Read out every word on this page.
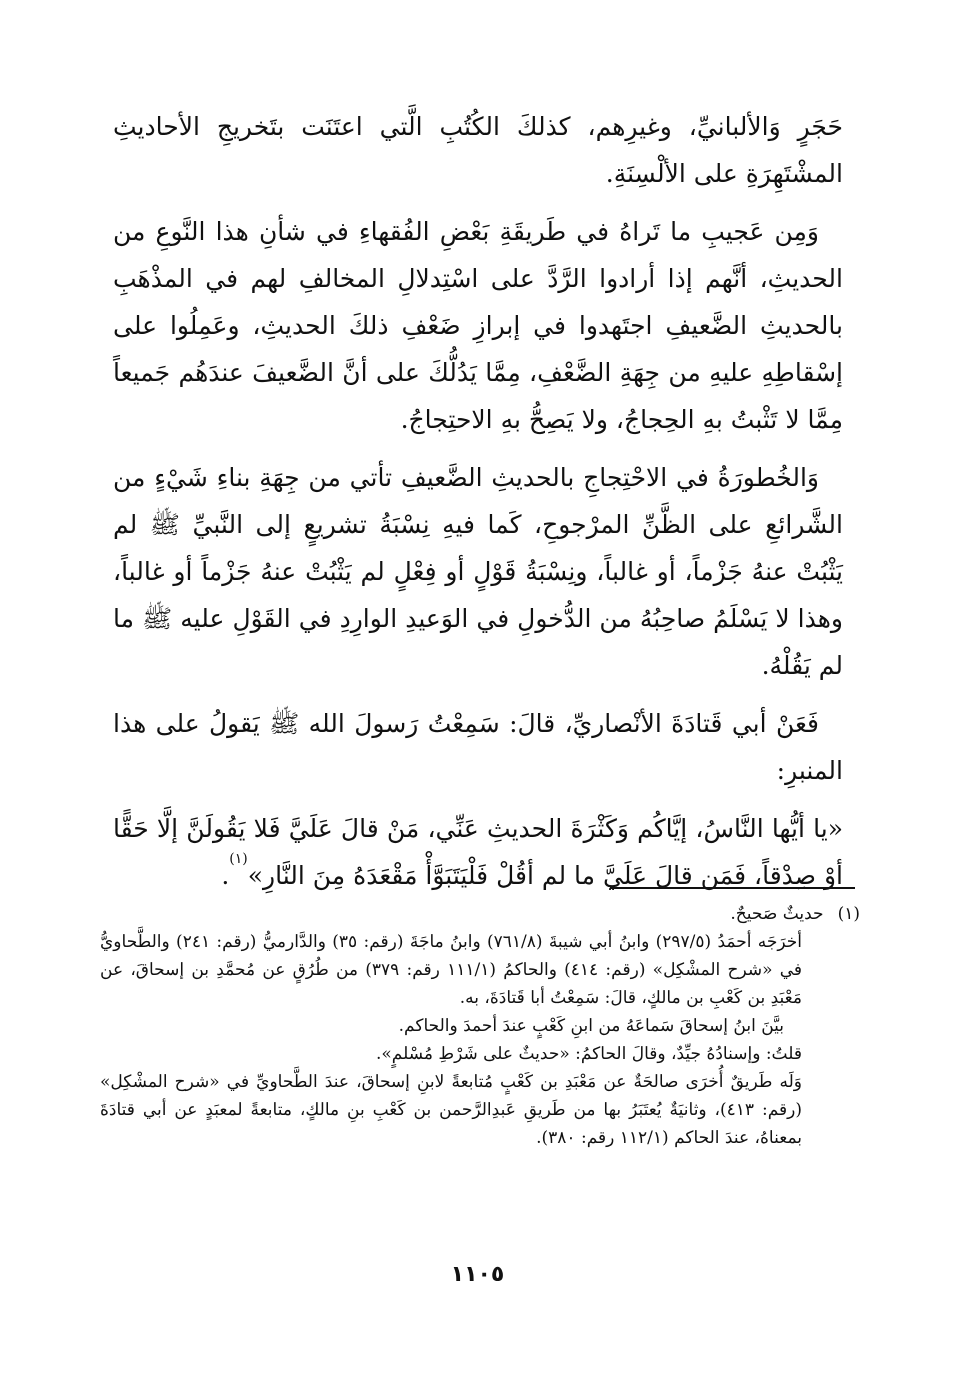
حَجَرٍ وَالألبانيِّ، وغيرِهم، كذلكَ الكُتُبِ الَّتي اعتَنَت بتَخريجِ الأحاديثِ المشْتَهِرَةِ على الألْسِنَةِ.

وَمِن عَجيبِ ما تَراهُ في طَريقَةِ بَعْضِ الفُقهاءِ في شأنِ هذا النَّوعِ من الحديثِ، أنَّهم إذا أرادوا الرَّدَّ على اسْتِدلالِ المخالفِ لهم في المذْهَبِ بالحديثِ الضَّعيفِ اجتَهدوا في إبرازِ ضَعْفِ ذلكَ الحديثِ، وعَمِلُوا على إسْقاطِهِ عليهِ من جِهَةِ الضَّعْفِ، مِمَّا يَدُلُّكَ على أنَّ الضَّعيفَ عندَهُم جَميعاً مِمَّا لا تَثْبتُ بهِ الحِجاجُ، ولا يَصِحُّ بهِ الاحتِجاجُ.

وَالخُطورَةُ في الاحْتِجاجِ بالحديثِ الضَّعيفِ تأتي من جِهَةِ بناءِ شَيْءٍ من الشَّرائعِ على الظَّنِّ المرْجوحِ، كَما فيهِ نِسْبَةُ تشريعٍ إلى النَّبيِّ ﷺ لم يَثْبُتْ عنهُ جَزْماً، أو غالباً، ونِسْبَةُ قَوْلٍ أو فِعْلٍ لم يَثْبُتْ عنهُ جَزْماً أو غالباً، وهذا لا يَسْلَمُ صاحِبُهُ من الدُّخولِ في الوَعيدِ الوارِدِ في القَوْلِ عليه ﷺ ما لم يَقُلْهُ.

فَعَنْ أبي قَتادَةَ الأنْصاريِّ، قالَ: سَمِعْتُ رَسولَ الله ﷺ يَقولُ على هذا المنبرِ:

«يا أيُّها النَّاسُ، إيَّاكُم وَكَثْرَةَ الحديثِ عَنِّي، مَنْ قالَ عَلَيَّ فَلا يَقُولَنَّ إلَّا حَقًّا أوْ صِدْقاً، فَمَن قالَ عَلَيَّ ما لم أقُلْ فَلْيَتَبَوَّأْ مَقْعَدَهُ مِنَ النَّارِ»$^{(١)}$.

(١)
حديثٌ صَحيحٌ.

أخرَجَه أحمَدُ (٢٩٧/٥) وابنُ أبي شيبةَ (٧٦١/٨) وابنُ ماجَةَ (رقم: ٣٥) والدَّارميُّ (رقم: ٢٤١) والطَّحاويُّ في «شرح المشْكِل» (رقم: ٤١٤) والحاكمُ (١١١/١ رقم: ٣٧٩) من طُرُقٍ عن مُحمَّدِ بن إسحاقَ، عن مَعْبَدِ بن كَعْبِ بن مالكٍ، قالَ: سَمِعْتُ أبا قَتادَةَ، به.

بيَّنَ ابنُ إسحاقَ سَماعَهُ من ابنِ كَعْبٍ عندَ أحمدَ والحاكم.

قلتُ: وإسنادُهُ جيِّدٌ، وقالَ الحاكمُ: «حديثٌ على شَرْطِ مُسْلمٍ».

وَلَه طَريقٌ أُخرَى صالحَةٌ عن مَعْبَدِ بن كَعْبٍ مُتابعةً لابنِ إسحاقَ، عندَ الطَّحاويِّ في «شرح المشْكِل» (رقم: ٤١٣)، وثانيَةٌ يُعتَبَرُ بها من طَريقِ عَبدِالرَّحمن بن كَعْبِ بنِ مالكٍ، متابعةً لمعبَدٍ عن أبي قتادَةَ بمعناهُ، عندَ الحاكم (١١٢/١ رقم: ٣٨٠).

١١٠٥
